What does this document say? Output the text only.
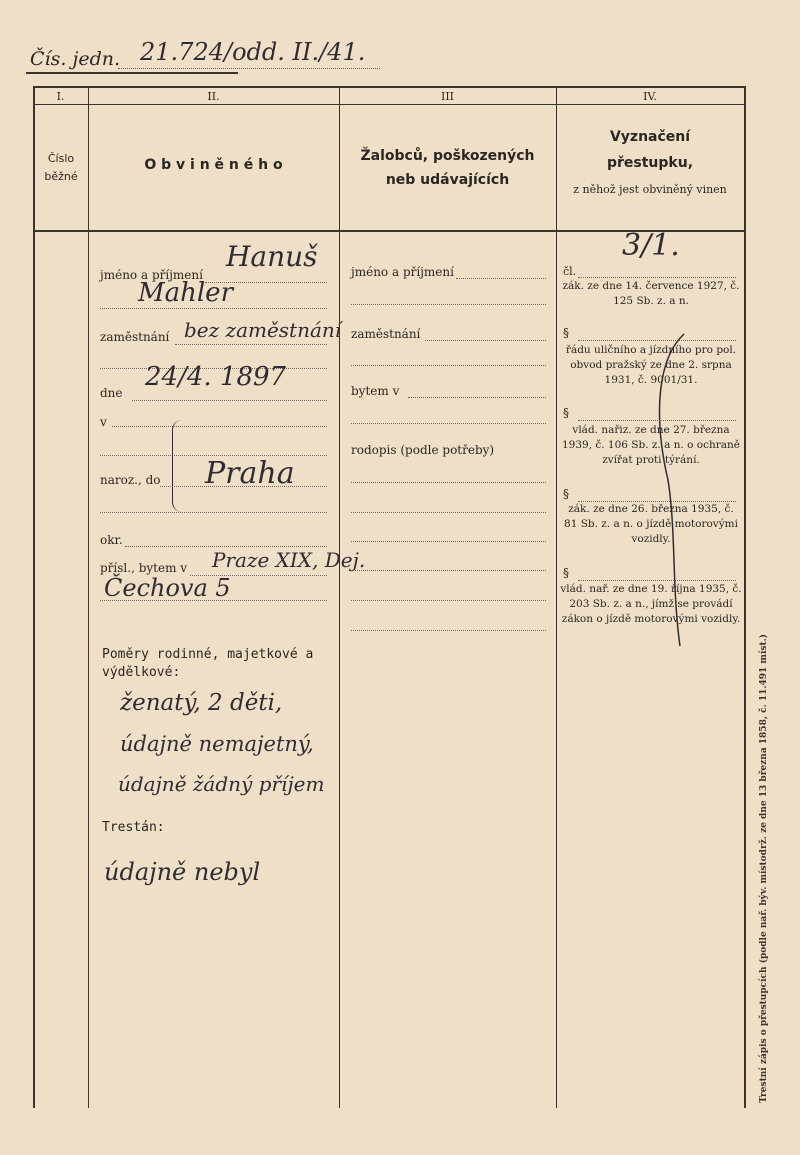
Čís. jedn. 21.724/odd. II./41.
I.	II.	III	IV.
Číslo běžné
O b v i n ě n é h o
Žalobců, poškozených neb udávajících
Vyznačení přestupku,
z něhož jest obviněný vinen
jméno a příjmení
Hanuš
Mahler
zaměstnání bez zaměstnání
dne
24/4. 1897
v
naroz., do Praha
okr.
přísl., bytem v Praze XIX, Dej.
Čechova 5
Poměry rodinné, majetkové a výdělkové:
ženatý, 2 děti,
údajně nemajetný,
údajně žádný příjem
Trestán:
údajně nebyl
jméno a příjmení
zaměstnání
bytem v
rodopis (podle potřeby)
3/1.
čl.
zák. ze dne 14. července 1927, č. 125 Sb. z. a n.
§
řádu uličního a jízdního pro pol. obvod pražský ze dne 2. srpna 1931, č. 9001/31.
§
vlád. nařiz. ze dne 27. března 1939, č. 106 Sb. z. a n. o ochraně zvířat proti týrání.
§
zák. ze dne 26. března 1935, č. 81 Sb. z. a n. o jízdě motorovými vozidly.
§
vlád. nař. ze dne 19. října 1935, č. 203 Sb. z. a n., jímž se provádí zákon o jízdě motorovými vozidly.
Trestní zápis o přestupcích (podle nař. býv. místodrž. ze dne 13 března 1858, č. 11.491 míst.)
